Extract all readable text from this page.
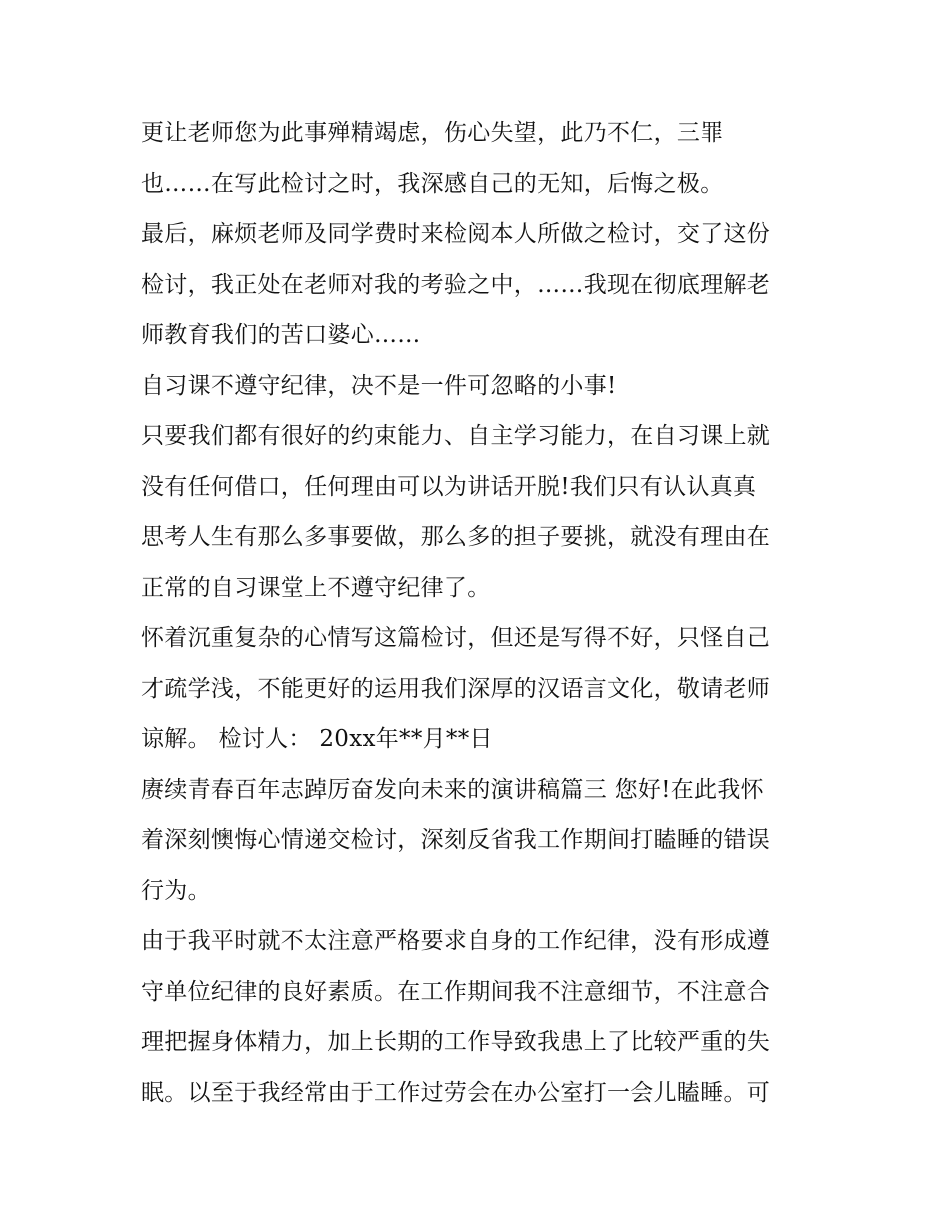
更让老师您为此事殚精竭虑，伤心失望，此乃不仁，三罪
也……在写此检讨之时，我深感自己的无知，后悔之极。
最后，麻烦老师及同学费时来检阅本人所做之检讨，交了这份
检讨，我正处在老师对我的考验之中，……我现在彻底理解老
师教育我们的苦口婆心……
自习课不遵守纪律，决不是一件可忽略的小事!
只要我们都有很好的约束能力、自主学习能力，在自习课上就
没有任何借口，任何理由可以为讲话开脱!我们只有认认真真
思考人生有那么多事要做，那么多的担子要挑，就没有理由在
正常的自习课堂上不遵守纪律了。
怀着沉重复杂的心情写这篇检讨，但还是写得不好，只怪自己
才疏学浅，不能更好的运用我们深厚的汉语言文化，敬请老师
谅解。 检讨人： 20xx年**月**日
赓续青春百年志踔厉奋发向未来的演讲稿篇三 您好!在此我怀
着深刻懊悔心情递交检讨，深刻反省我工作期间打瞌睡的错误
行为。
由于我平时就不太注意严格要求自身的工作纪律，没有形成遵
守单位纪律的良好素质。在工作期间我不注意细节，不注意合
理把握身体精力，加上长期的工作导致我患上了比较严重的失
眠。以至于我经常由于工作过劳会在办公室打一会儿瞌睡。可
